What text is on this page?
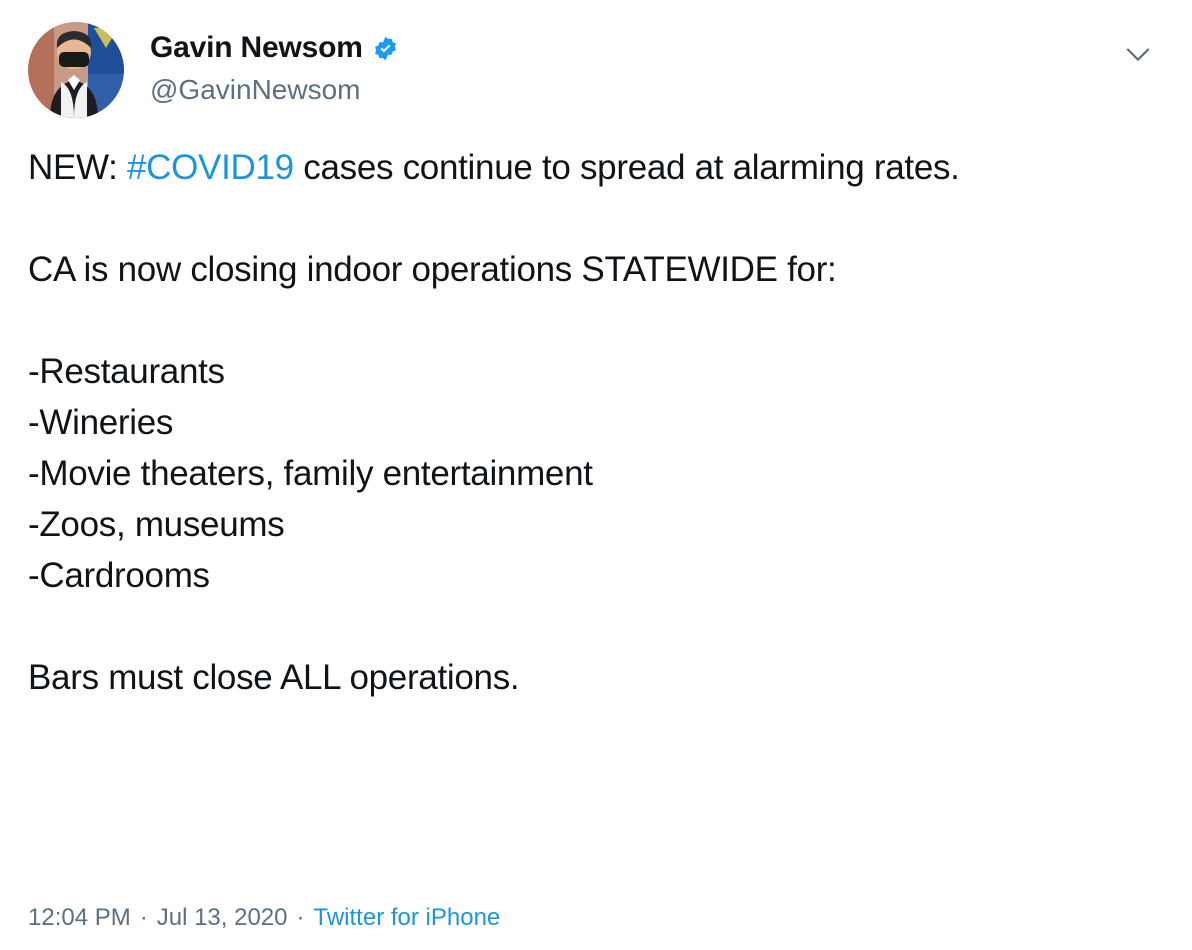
Gavin Newsom
@GavinNewsom
NEW: #COVID19 cases continue to spread at alarming rates.

CA is now closing indoor operations STATEWIDE for:

-Restaurants
-Wineries
-Movie theaters, family entertainment
-Zoos, museums
-Cardrooms

Bars must close ALL operations.
12:04 PM · Jul 13, 2020 · Twitter for iPhone
